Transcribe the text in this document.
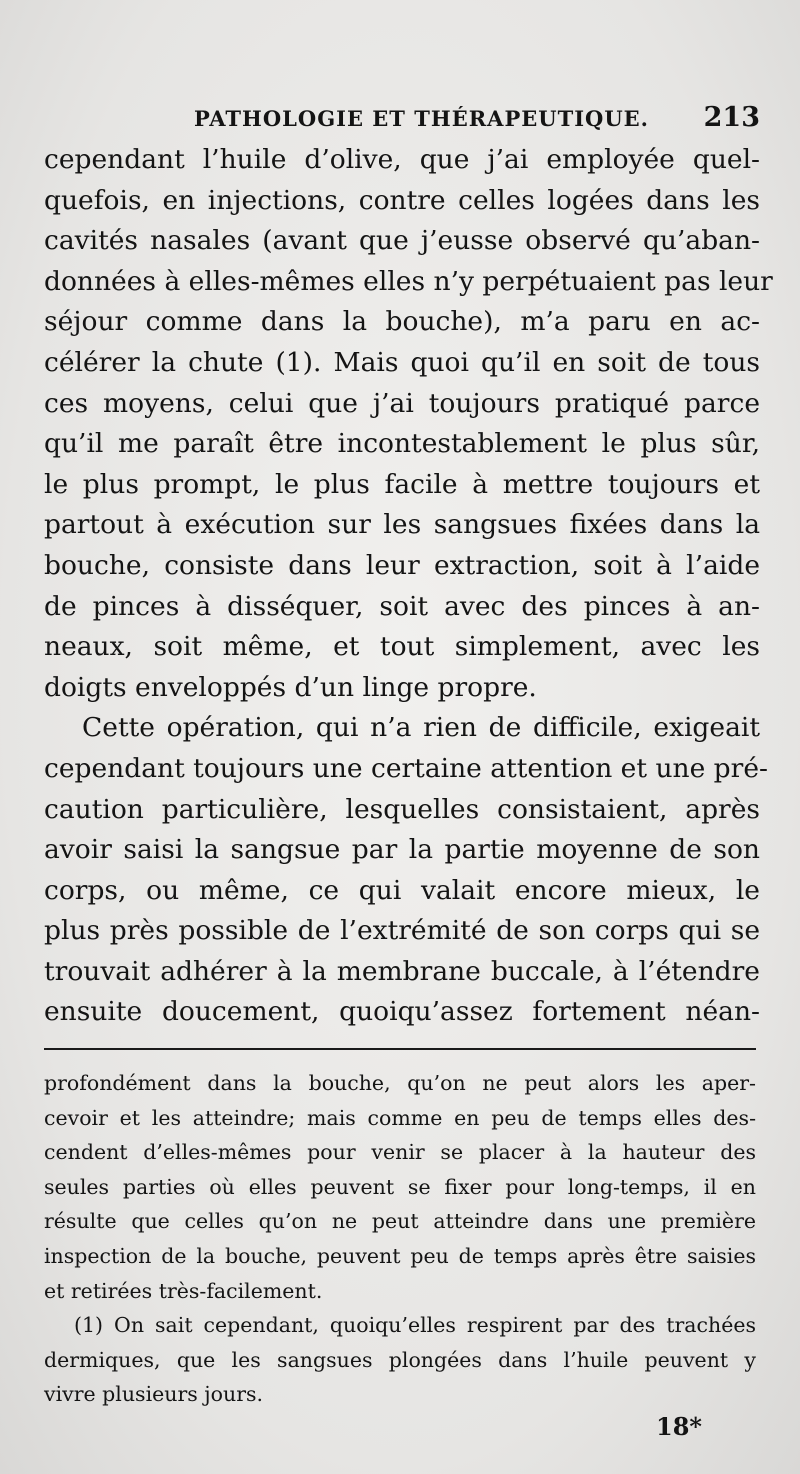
PATHOLOGIE ET THÉRAPEUTIQUE. 213
cependant l’huile d’olive, que j’ai employée quel-
quefois, en injections, contre celles logées dans les
cavités nasales (avant que j’eusse observé qu’aban-
données à elles-mêmes elles n’y perpétuaient pas leur
séjour comme dans la bouche), m’a paru en ac-
célérer la chute (1). Mais quoi qu’il en soit de tous
ces moyens, celui que j’ai toujours pratiqué parce
qu’il me paraît être incontestablement le plus sûr,
le plus prompt, le plus facile à mettre toujours et
partout à exécution sur les sangsues fixées dans la
bouche, consiste dans leur extraction, soit à l’aide
de pinces à disséquer, soit avec des pinces à an-
neaux, soit même, et tout simplement, avec les
doigts enveloppés d’un linge propre.
Cette opération, qui n’a rien de difficile, exigeait
cependant toujours une certaine attention et une pré-
caution particulière, lesquelles consistaient, après
avoir saisi la sangsue par la partie moyenne de son
corps, ou même, ce qui valait encore mieux, le
plus près possible de l’extrémité de son corps qui se
trouvait adhérer à la membrane buccale, à l’étendre
ensuite doucement, quoiqu’assez fortement néan-
profondément dans la bouche, qu’on ne peut alors les aper-
cevoir et les atteindre; mais comme en peu de temps elles des-
cendent d’elles-mêmes pour venir se placer à la hauteur des
seules parties où elles peuvent se fixer pour long-temps, il en
résulte que celles qu’on ne peut atteindre dans une première
inspection de la bouche, peuvent peu de temps après être saisies
et retirées très-facilement.
(1) On sait cependant, quoiqu’elles respirent par des trachées
dermiques, que les sangsues plongées dans l’huile peuvent y
vivre plusieurs jours.
18*
